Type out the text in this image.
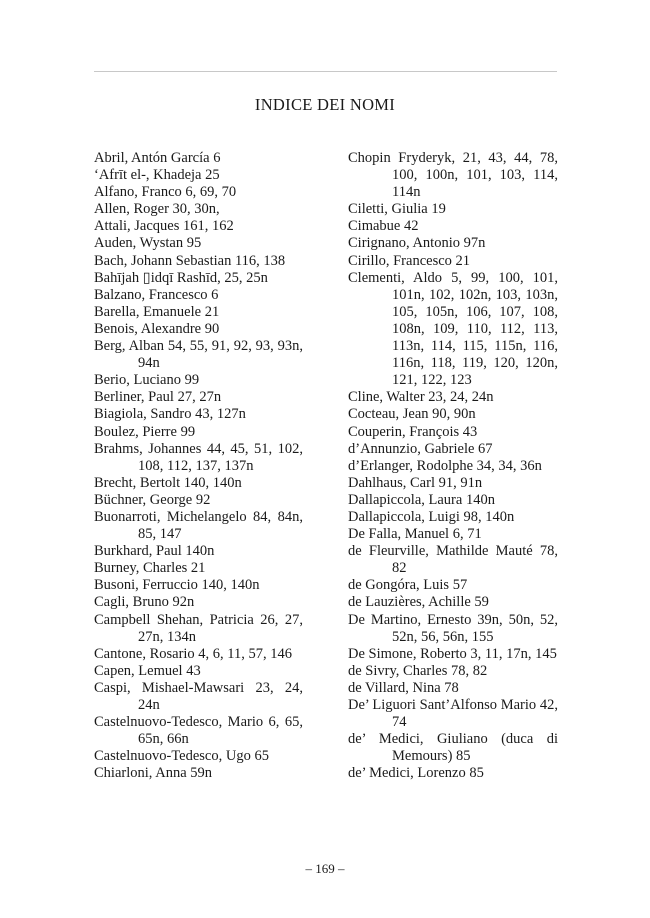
INDICE DEI NOMI
Abril, Antón García 6
‘Afrīt el-, Khadeja 25
Alfano, Franco 6, 69, 70
Allen, Roger 30, 30n,
Attali, Jacques 161, 162
Auden, Wystan 95
Bach, Johann Sebastian 116, 138
Bahījah ▯idqī Rashīd, 25, 25n
Balzano, Francesco 6
Barella, Emanuele 21
Benois, Alexandre 90
Berg, Alban 54, 55, 91, 92, 93, 93n, 94n
Berio, Luciano 99
Berliner, Paul 27, 27n
Biagiola, Sandro 43, 127n
Boulez, Pierre 99
Brahms, Johannes 44, 45, 51, 102, 108, 112, 137, 137n
Brecht, Bertolt 140, 140n
Büchner, George 92
Buonarroti, Michelangelo 84, 84n, 85, 147
Burkhard, Paul 140n
Burney, Charles 21
Busoni, Ferruccio 140, 140n
Cagli, Bruno 92n
Campbell Shehan, Patricia 26, 27, 27n, 134n
Cantone, Rosario 4, 6, 11, 57, 146
Capen, Lemuel 43
Caspi, Mishael-Mawsari 23, 24, 24n
Castelnuovo-Tedesco, Mario 6, 65, 65n, 66n
Castelnuovo-Tedesco, Ugo 65
Chiarloni, Anna 59n
Chopin Fryderyk, 21, 43, 44, 78, 100, 100n, 101, 103, 114, 114n
Ciletti, Giulia 19
Cimabue 42
Cirignano, Antonio 97n
Cirillo, Francesco 21
Clementi, Aldo 5, 99, 100, 101, 101n, 102, 102n, 103, 103n, 105, 105n, 106, 107, 108, 108n, 109, 110, 112, 113, 113n, 114, 115, 115n, 116, 116n, 118, 119, 120, 120n, 121, 122, 123
Cline, Walter 23, 24, 24n
Cocteau, Jean 90, 90n
Couperin, François 43
d’Annunzio, Gabriele 67
d’Erlanger, Rodolphe 34, 34, 36n
Dahlhaus, Carl 91, 91n
Dallapiccola, Laura 140n
Dallapiccola, Luigi 98, 140n
De Falla, Manuel 6, 71
de Fleurville, Mathilde Mauté 78, 82
de Gongóra, Luis 57
de Lauzières, Achille 59
De Martino, Ernesto 39n, 50n, 52, 52n, 56, 56n, 155
De Simone, Roberto 3, 11, 17n, 145
de Sivry, Charles 78, 82
de Villard, Nina 78
De’ Liguori Sant’Alfonso Mario 42, 74
de’ Medici, Giuliano (duca di Memours) 85
de’ Medici, Lorenzo 85
– 169 –
